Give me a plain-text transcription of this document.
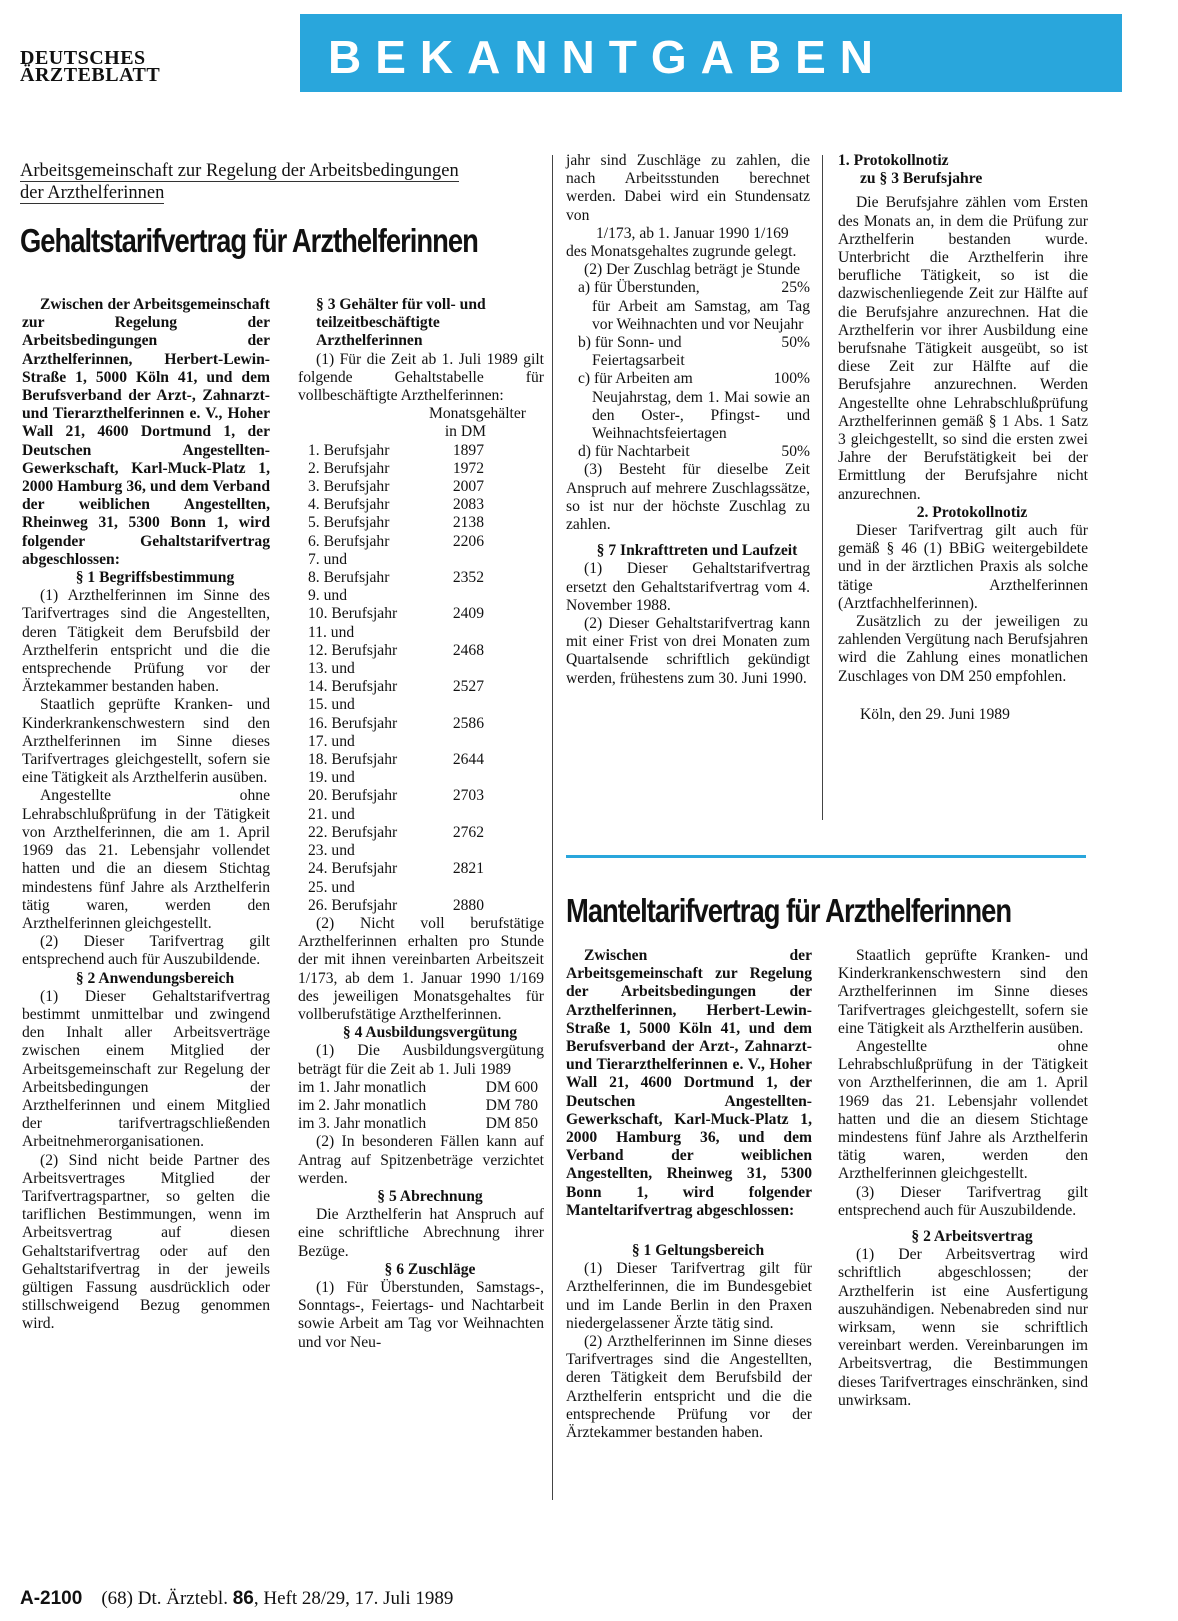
DEUTSCHES
ÄRZTEBLATT	BEKANNTGABEN
Arbeitsgemeinschaft zur Regelung der Arbeitsbedingungen
der Arzthelferinnen
Gehaltstarifvertrag für Arzthelferinnen

Zwischen der Arbeitsgemeinschaft zur Regelung der Arbeitsbedingungen der Arzthelferinnen, Herbert-Lewin-Straße 1, 5000 Köln 41, und dem Berufsverband der Arzt-, Zahnarzt- und Tierarzthelferinnen e. V., Hoher Wall 21, 4600 Dortmund 1, der Deutschen Angestellten-Gewerkschaft, Karl-Muck-Platz 1, 2000 Hamburg 36, und dem Verband der weiblichen Angestellten, Rheinweg 31, 5300 Bonn 1, wird folgender Gehaltstarifvertrag abgeschlossen:

§ 1 Begriffsbestimmung

(1) Arzthelferinnen im Sinne des Tarifvertrages sind die Angestellten, deren Tätigkeit dem Berufsbild der Arzthelferin entspricht und die die entsprechende Prüfung vor der Ärztekammer bestanden haben.

Staatlich geprüfte Kranken- und Kinderkrankenschwestern sind den Arzthelferinnen im Sinne dieses Tarifvertrages gleichgestellt, sofern sie eine Tätigkeit als Arzthelferin ausüben.

Angestellte ohne Lehrabschlußprüfung in der Tätigkeit von Arzthelferinnen, die am 1. April 1969 das 21. Lebensjahr vollendet hatten und die an diesem Stichtag mindestens fünf Jahre als Arzthelferin tätig waren, werden den Arzthelferinnen gleichgestellt.

(2) Dieser Tarifvertrag gilt entsprechend auch für Auszubildende.

§ 2 Anwendungsbereich

(1) Dieser Gehaltstarifvertrag bestimmt unmittelbar und zwingend den Inhalt aller Arbeitsverträge zwischen einem Mitglied der Arbeitsgemeinschaft zur Regelung der Arbeitsbedingungen der Arzthelferinnen und einem Mitglied der tarifvertragschließenden Arbeitnehmerorganisationen.

(2) Sind nicht beide Partner des Arbeitsvertrages Mitglied der Tarifvertragspartner, so gelten die tariflichen Bestimmungen, wenn im Arbeitsvertrag auf diesen Gehaltstarifvertrag oder auf den Gehaltstarifvertrag in der jeweils gültigen Fassung ausdrücklich oder stillschweigend Bezug genommen wird.

§ 3 Gehälter für voll- und teilzeitbeschäftigte Arzthelferinnen

(1) Für die Zeit ab 1. Juli 1989 gilt folgende Gehaltstabelle für vollbeschäftigte Arzthelferinnen:

Monatsgehälter
in DM
1. Berufsjahr	1897
2. Berufsjahr	1972
3. Berufsjahr	2007
4. Berufsjahr	2083
5. Berufsjahr	2138
6. Berufsjahr	2206
7. und	
8. Berufsjahr	2352
9. und	
10. Berufsjahr	2409
11. und	
12. Berufsjahr	2468
13. und	
14. Berufsjahr	2527
15. und	
16. Berufsjahr	2586
17. und	
18. Berufsjahr	2644
19. und	
20. Berufsjahr	2703
21. und	
22. Berufsjahr	2762
23. und	
24. Berufsjahr	2821
25. und	
26. Berufsjahr	2880

(2) Nicht voll berufstätige Arzthelferinnen erhalten pro Stunde der mit ihnen vereinbarten Arbeitszeit 1/173, ab dem 1. Januar 1990 1/169 des jeweiligen Monatsgehaltes für vollberufstätige Arzthelferinnen.

§ 4 Ausbildungsvergütung

(1) Die Ausbildungsvergütung beträgt für die Zeit ab 1. Juli 1989

im 1. Jahr monatlich	DM 600
im 2. Jahr monatlich	DM 780
im 3. Jahr monatlich	DM 850

(2) In besonderen Fällen kann auf Antrag auf Spitzenbeträge verzichtet werden.

§ 5 Abrechnung

Die Arzthelferin hat Anspruch auf eine schriftliche Abrechnung ihrer Bezüge.

§ 6 Zuschläge

(1) Für Überstunden, Samstags-, Sonntags-, Feiertags- und Nachtarbeit sowie Arbeit am Tag vor Weihnachten und vor Neu-

jahr sind Zuschläge zu zahlen, die nach Arbeitsstunden berechnet werden. Dabei wird ein Stundensatz von

1/173, ab 1. Januar 1990 1/169

des Monatsgehaltes zugrunde gelegt.

(2) Der Zuschlag beträgt je Stunde

a) für Überstunden,	25%
für Arbeit am Samstag, am Tag vor Weihnachten und vor Neujahr
b) für Sonn- und	50%
Feiertagsarbeit
c) für Arbeiten am	100%
Neujahrstag, dem 1. Mai sowie an den Oster-, Pfingst- und Weihnachtsfeiertagen
d) für Nachtarbeit	50%

(3) Besteht für dieselbe Zeit Anspruch auf mehrere Zuschlagssätze, so ist nur der höchste Zuschlag zu zahlen.

§ 7 Inkrafttreten und Laufzeit

(1) Dieser Gehaltstarifvertrag ersetzt den Gehaltstarifvertrag vom 4. November 1988.

(2) Dieser Gehaltstarifvertrag kann mit einer Frist von drei Monaten zum Quartalsende schriftlich gekündigt werden, frühestens zum 30. Juni 1990.

1. Protokollnotiz

zu § 3 Berufsjahre

Die Berufsjahre zählen vom Ersten des Monats an, in dem die Prüfung zur Arzthelferin bestanden wurde. Unterbricht die Arzthelferin ihre berufliche Tätigkeit, so ist die dazwischenliegende Zeit zur Hälfte auf die Berufsjahre anzurechnen. Hat die Arzthelferin vor ihrer Ausbildung eine berufsnahe Tätigkeit ausgeübt, so ist diese Zeit zur Hälfte auf die Berufsjahre anzurechnen. Werden Angestellte ohne Lehrabschlußprüfung Arzthelferinnen gemäß § 1 Abs. 1 Satz 3 gleichgestellt, so sind die ersten zwei Jahre der Berufstätigkeit bei der Ermittlung der Berufsjahre nicht anzurechnen.

2. Protokollnotiz

Dieser Tarifvertrag gilt auch für gemäß § 46 (1) BBiG weitergebildete und in der ärztlichen Praxis als solche tätige Arzthelferinnen (Arztfachhelferinnen).

Zusätzlich zu der jeweiligen zu zahlenden Vergütung nach Berufsjahren wird die Zahlung eines monatlichen Zuschlages von DM 250 empfohlen.

Köln, den 29. Juni 1989

Manteltarifvertrag für Arzthelferinnen

Zwischen der Arbeitsgemeinschaft zur Regelung der Arbeitsbedingungen der Arzthelferinnen, Herbert-Lewin-Straße 1, 5000 Köln 41, und dem Berufsverband der Arzt-, Zahnarzt- und Tierarzthelferinnen e. V., Hoher Wall 21, 4600 Dortmund 1, der Deutschen Angestellten-Gewerkschaft, Karl-Muck-Platz 1, 2000 Hamburg 36, und dem Verband der weiblichen Angestellten, Rheinweg 31, 5300 Bonn 1, wird folgender Manteltarifvertrag abgeschlossen:

§ 1 Geltungsbereich

(1) Dieser Tarifvertrag gilt für Arzthelferinnen, die im Bundesgebiet und im Lande Berlin in den Praxen niedergelassener Ärzte tätig sind.

(2) Arzthelferinnen im Sinne dieses Tarifvertrages sind die Angestellten, deren Tätigkeit dem Berufsbild der Arzthelferin entspricht und die die entsprechende Prüfung vor der Ärztekammer bestanden haben.

Staatlich geprüfte Kranken- und Kinderkrankenschwestern sind den Arzthelferinnen im Sinne dieses Tarifvertrages gleichgestellt, sofern sie eine Tätigkeit als Arzthelferin ausüben.

Angestellte ohne Lehrabschlußprüfung in der Tätigkeit von Arzthelferinnen, die am 1. April 1969 das 21. Lebensjahr vollendet hatten und die an diesem Stichtage mindestens fünf Jahre als Arzthelferin tätig waren, werden den Arzthelferinnen gleichgestellt.

(3) Dieser Tarifvertrag gilt entsprechend auch für Auszubildende.

§ 2 Arbeitsvertrag

(1) Der Arbeitsvertrag wird schriftlich abgeschlossen; der Arzthelferin ist eine Ausfertigung auszuhändigen. Nebenabreden sind nur wirksam, wenn sie schriftlich vereinbart werden. Vereinbarungen im Arbeitsvertrag, die Bestimmungen dieses Tarifvertrages einschränken, sind unwirksam.

A-2100 (68) Dt. Ärztebl. 86, Heft 28/29, 17. Juli 1989
